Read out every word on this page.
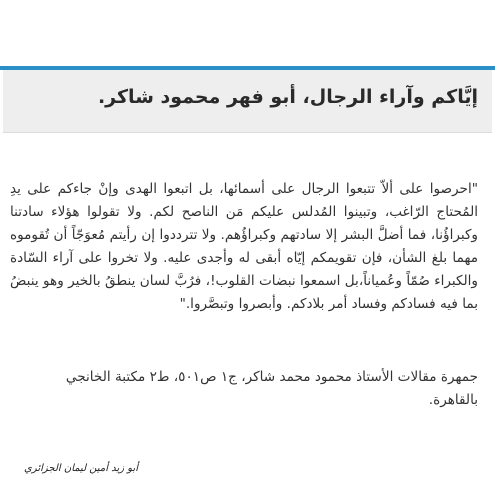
إيَّاكم وآراء الرجال، أبو فهر محمود شاكر.
"احرصوا على ألاّ تتبعوا الرجال على أسمائها، بل اتبعوا الهدى وإنْ جاءكم على يدِ المُحتاج الرّاغب، وتبينوا المُدلس عليكم مَن الناصح لكم. ولا تقولوا هؤلاء سادتنا وكبراؤُنا، فما أضلَّ البشر إلا سادتهم وكبراؤُهم. ولا تترددوا إن رأيتم مُعوَجّاً أن تُقوموه مهما بلغ الشأن، فإن تقويمكم إيّاه أبقى له وأجدى عليه. ولا تخروا على آراء السّادة والكبراء صُمّاً وعُمياناً،بل اسمعوا نبضات القلوب!، فرُبَّ لسان ينطقُ بالخير وهو ينبضُ بما فيه فسادكم وفساد أمر بلادكم. وأبصروا وتبصَّروا."
جمهرة مقالات الأستاذ محمود محمد شاكر، ج١ ص٥٠١، ط٢ مكتبة الخانجي بالقاهرة.
أبو زيد أمين ليمان الجزائري
